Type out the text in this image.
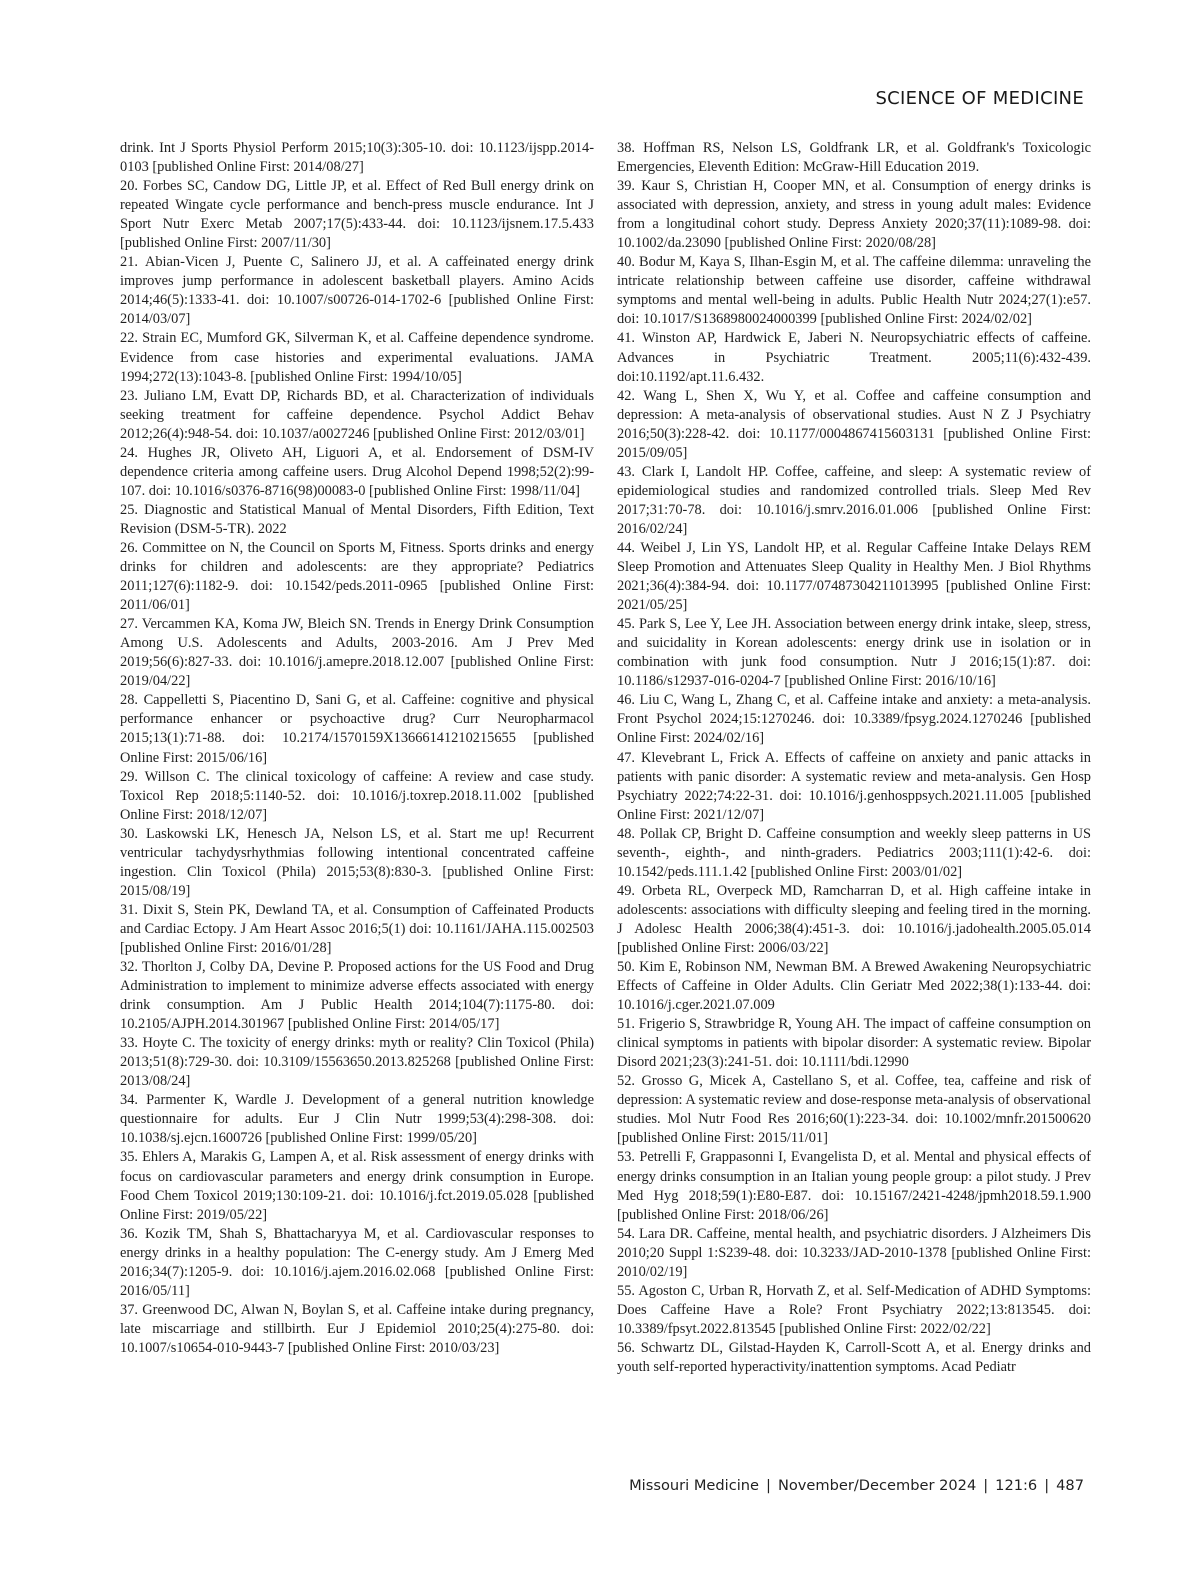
SCIENCE OF MEDICINE

drink. Int J Sports Physiol Perform 2015;10(3):305-10. doi: 10.1123/ijspp.2014-0103 [published Online First: 2014/08/27]

20. Forbes SC, Candow DG, Little JP, et al. Effect of Red Bull energy drink on repeated Wingate cycle performance and bench-press muscle endurance. Int J Sport Nutr Exerc Metab 2007;17(5):433-44. doi: 10.1123/ijsnem.17.5.433 [published Online First: 2007/11/30]

21. Abian-Vicen J, Puente C, Salinero JJ, et al. A caffeinated energy drink improves jump performance in adolescent basketball players. Amino Acids 2014;46(5):1333-41. doi: 10.1007/s00726-014-1702-6 [published Online First: 2014/03/07]

22. Strain EC, Mumford GK, Silverman K, et al. Caffeine dependence syndrome. Evidence from case histories and experimental evaluations. JAMA 1994;272(13):1043-8. [published Online First: 1994/10/05]

23. Juliano LM, Evatt DP, Richards BD, et al. Characterization of individuals seeking treatment for caffeine dependence. Psychol Addict Behav 2012;26(4):948-54. doi: 10.1037/a0027246 [published Online First: 2012/03/01]

24. Hughes JR, Oliveto AH, Liguori A, et al. Endorsement of DSM-IV dependence criteria among caffeine users. Drug Alcohol Depend 1998;52(2):99-107. doi: 10.1016/s0376-8716(98)00083-0 [published Online First: 1998/11/04]

25. Diagnostic and Statistical Manual of Mental Disorders, Fifth Edition, Text Revision (DSM-5-TR). 2022

26. Committee on N, the Council on Sports M, Fitness. Sports drinks and energy drinks for children and adolescents: are they appropriate? Pediatrics 2011;127(6):1182-9. doi: 10.1542/peds.2011-0965 [published Online First: 2011/06/01]

27. Vercammen KA, Koma JW, Bleich SN. Trends in Energy Drink Consumption Among U.S. Adolescents and Adults, 2003-2016. Am J Prev Med 2019;56(6):827-33. doi: 10.1016/j.amepre.2018.12.007 [published Online First: 2019/04/22]

28. Cappelletti S, Piacentino D, Sani G, et al. Caffeine: cognitive and physical performance enhancer or psychoactive drug? Curr Neuropharmacol 2015;13(1):71-88. doi: 10.2174/1570159X13666141210215655 [published Online First: 2015/06/16]

29. Willson C. The clinical toxicology of caffeine: A review and case study. Toxicol Rep 2018;5:1140-52. doi: 10.1016/j.toxrep.2018.11.002 [published Online First: 2018/12/07]

30. Laskowski LK, Henesch JA, Nelson LS, et al. Start me up! Recurrent ventricular tachydysrhythmias following intentional concentrated caffeine ingestion. Clin Toxicol (Phila) 2015;53(8):830-3. [published Online First: 2015/08/19]

31. Dixit S, Stein PK, Dewland TA, et al. Consumption of Caffeinated Products and Cardiac Ectopy. J Am Heart Assoc 2016;5(1) doi: 10.1161/JAHA.115.002503 [published Online First: 2016/01/28]

32. Thorlton J, Colby DA, Devine P. Proposed actions for the US Food and Drug Administration to implement to minimize adverse effects associated with energy drink consumption. Am J Public Health 2014;104(7):1175-80. doi: 10.2105/AJPH.2014.301967 [published Online First: 2014/05/17]

33. Hoyte C. The toxicity of energy drinks: myth or reality? Clin Toxicol (Phila) 2013;51(8):729-30. doi: 10.3109/15563650.2013.825268 [published Online First: 2013/08/24]

34. Parmenter K, Wardle J. Development of a general nutrition knowledge questionnaire for adults. Eur J Clin Nutr 1999;53(4):298-308. doi: 10.1038/sj.ejcn.1600726 [published Online First: 1999/05/20]

35. Ehlers A, Marakis G, Lampen A, et al. Risk assessment of energy drinks with focus on cardiovascular parameters and energy drink consumption in Europe. Food Chem Toxicol 2019;130:109-21. doi: 10.1016/j.fct.2019.05.028 [published Online First: 2019/05/22]

36. Kozik TM, Shah S, Bhattacharyya M, et al. Cardiovascular responses to energy drinks in a healthy population: The C-energy study. Am J Emerg Med 2016;34(7):1205-9. doi: 10.1016/j.ajem.2016.02.068 [published Online First: 2016/05/11]

37. Greenwood DC, Alwan N, Boylan S, et al. Caffeine intake during pregnancy, late miscarriage and stillbirth. Eur J Epidemiol 2010;25(4):275-80. doi: 10.1007/s10654-010-9443-7 [published Online First: 2010/03/23]

38. Hoffman RS, Nelson LS, Goldfrank LR, et al. Goldfrank's Toxicologic Emergencies, Eleventh Edition: McGraw-Hill Education 2019.

39. Kaur S, Christian H, Cooper MN, et al. Consumption of energy drinks is associated with depression, anxiety, and stress in young adult males: Evidence from a longitudinal cohort study. Depress Anxiety 2020;37(11):1089-98. doi: 10.1002/da.23090 [published Online First: 2020/08/28]

40. Bodur M, Kaya S, Ilhan-Esgin M, et al. The caffeine dilemma: unraveling the intricate relationship between caffeine use disorder, caffeine withdrawal symptoms and mental well-being in adults. Public Health Nutr 2024;27(1):e57. doi: 10.1017/S1368980024000399 [published Online First: 2024/02/02]

41. Winston AP, Hardwick E, Jaberi N. Neuropsychiatric effects of caffeine. Advances in Psychiatric Treatment. 2005;11(6):432-439. doi:10.1192/apt.11.6.432.

42. Wang L, Shen X, Wu Y, et al. Coffee and caffeine consumption and depression: A meta-analysis of observational studies. Aust N Z J Psychiatry 2016;50(3):228-42. doi: 10.1177/0004867415603131 [published Online First: 2015/09/05]

43. Clark I, Landolt HP. Coffee, caffeine, and sleep: A systematic review of epidemiological studies and randomized controlled trials. Sleep Med Rev 2017;31:70-78. doi: 10.1016/j.smrv.2016.01.006 [published Online First: 2016/02/24]

44. Weibel J, Lin YS, Landolt HP, et al. Regular Caffeine Intake Delays REM Sleep Promotion and Attenuates Sleep Quality in Healthy Men. J Biol Rhythms 2021;36(4):384-94. doi: 10.1177/07487304211013995 [published Online First: 2021/05/25]

45. Park S, Lee Y, Lee JH. Association between energy drink intake, sleep, stress, and suicidality in Korean adolescents: energy drink use in isolation or in combination with junk food consumption. Nutr J 2016;15(1):87. doi: 10.1186/s12937-016-0204-7 [published Online First: 2016/10/16]

46. Liu C, Wang L, Zhang C, et al. Caffeine intake and anxiety: a meta-analysis. Front Psychol 2024;15:1270246. doi: 10.3389/fpsyg.2024.1270246 [published Online First: 2024/02/16]

47. Klevebrant L, Frick A. Effects of caffeine on anxiety and panic attacks in patients with panic disorder: A systematic review and meta-analysis. Gen Hosp Psychiatry 2022;74:22-31. doi: 10.1016/j.genhosppsych.2021.11.005 [published Online First: 2021/12/07]

48. Pollak CP, Bright D. Caffeine consumption and weekly sleep patterns in US seventh-, eighth-, and ninth-graders. Pediatrics 2003;111(1):42-6. doi: 10.1542/peds.111.1.42 [published Online First: 2003/01/02]

49. Orbeta RL, Overpeck MD, Ramcharran D, et al. High caffeine intake in adolescents: associations with difficulty sleeping and feeling tired in the morning. J Adolesc Health 2006;38(4):451-3. doi: 10.1016/j.jadohealth.2005.05.014 [published Online First: 2006/03/22]

50. Kim E, Robinson NM, Newman BM. A Brewed Awakening Neuropsychiatric Effects of Caffeine in Older Adults. Clin Geriatr Med 2022;38(1):133-44. doi: 10.1016/j.cger.2021.07.009

51. Frigerio S, Strawbridge R, Young AH. The impact of caffeine consumption on clinical symptoms in patients with bipolar disorder: A systematic review. Bipolar Disord 2021;23(3):241-51. doi: 10.1111/bdi.12990

52. Grosso G, Micek A, Castellano S, et al. Coffee, tea, caffeine and risk of depression: A systematic review and dose-response meta-analysis of observational studies. Mol Nutr Food Res 2016;60(1):223-34. doi: 10.1002/mnfr.201500620 [published Online First: 2015/11/01]

53. Petrelli F, Grappasonni I, Evangelista D, et al. Mental and physical effects of energy drinks consumption in an Italian young people group: a pilot study. J Prev Med Hyg 2018;59(1):E80-E87. doi: 10.15167/2421-4248/jpmh2018.59.1.900 [published Online First: 2018/06/26]

54. Lara DR. Caffeine, mental health, and psychiatric disorders. J Alzheimers Dis 2010;20 Suppl 1:S239-48. doi: 10.3233/JAD-2010-1378 [published Online First: 2010/02/19]

55. Agoston C, Urban R, Horvath Z, et al. Self-Medication of ADHD Symptoms: Does Caffeine Have a Role? Front Psychiatry 2022;13:813545. doi: 10.3389/fpsyt.2022.813545 [published Online First: 2022/02/22]

56. Schwartz DL, Gilstad-Hayden K, Carroll-Scott A, et al. Energy drinks and youth self-reported hyperactivity/inattention symptoms. Acad Pediatr

Missouri Medicine | November/December 2024 | 121:6 | 487
